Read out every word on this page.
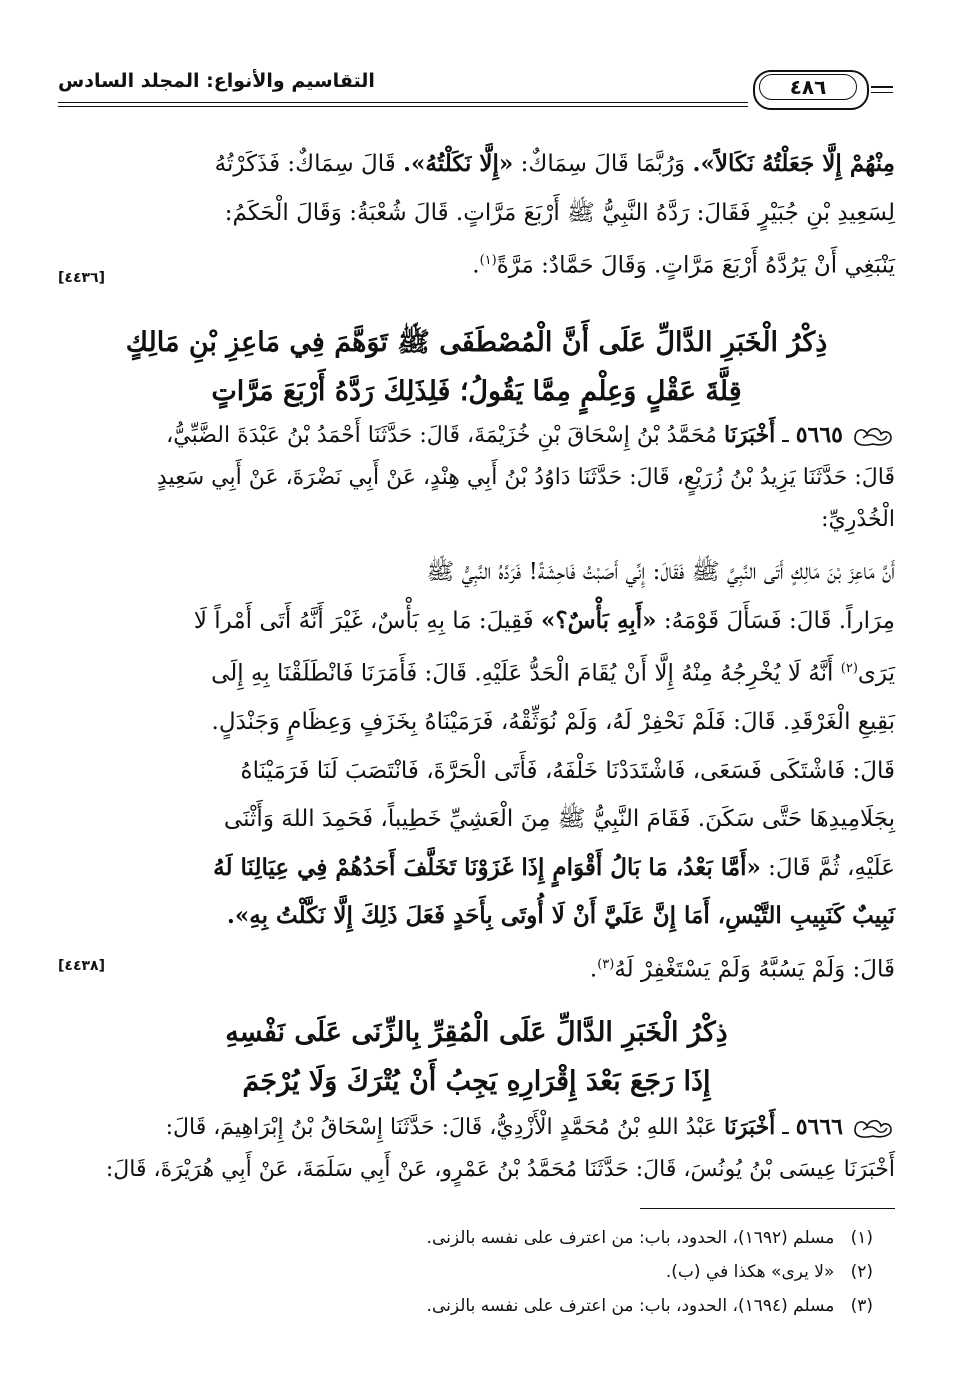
التقاسيم والأنواع: المجلد السادس	٤٨٦
مِنْهُمْ إِلَّا جَعَلْتُهُ نَكَالاً». وَرُبَّمَا قَالَ سِمَاكٌ: «إِلَّا نَكَلْتُهُ». قَالَ سِمَاكٌ: فَذَكَرْتُهُ
لِسَعِيدِ بْنِ جُبَيْرٍ فَقَالَ: رَدَّهُ النَّبِيُّ ﷺ أَرْبَعَ مَرَّاتٍ. قَالَ شُعْبَةُ: وَقَالَ الْحَكَمُ:
يَنْبَغِي أَنْ يَرُدَّهُ أَرْبَعَ مَرَّاتٍ. وَقَالَ حَمَّادٌ: مَرَّةً$^{(١)}$.
[٤٤٣٦]
ذِكْرُ الْخَبَرِ الدَّالِّ عَلَى أَنَّ الْمُصْطَفَى ﷺ تَوَهَّمَ فِي مَاعِزِ بْنِ مَالِكٍ
قِلَّةَ عَقْلٍ وَعِلْمٍ مِمَّا يَقُولُ؛ فَلِذَلِكَ رَدَّهُ أَرْبَعَ مَرَّاتٍ
٥٦٦٥ ـ أَخْبَرَنَا مُحَمَّدُ بْنُ إِسْحَاقَ بْنِ خُزَيْمَةَ، قَالَ: حَدَّثَنَا أَحْمَدُ بْنُ عَبْدَةَ الضَّبِّيُّ،
قَالَ: حَدَّثَنَا يَزِيدُ بْنُ زُرَيْعٍ، قَالَ: حَدَّثَنَا دَاوُدُ بْنُ أَبِي هِنْدٍ، عَنْ أَبِي نَضْرَةَ، عَنْ أَبِي سَعِيدٍ
الْخُدْرِيِّ:
أَنَّ مَاعِزَ بْنَ مَالِكٍ أَتَى النَّبِيَّ ﷺ فَقَالَ: إِنِّي أَصَبْتُ فَاحِشَةً! فَرَدَّهُ النَّبِيُّ ﷺ
مِرَاراً. قَالَ: فَسَأَلَ قَوْمَهُ: «أَبِهِ بَأْسٌ؟» فَقِيلَ: مَا بِهِ بَأْسٌ، غَيْرَ أَنَّهُ أَتَى أَمْراً لَا
يَرَى$^{(٢)}$ أَنَّهُ لَا يُخْرِجُهُ مِنْهُ إِلَّا أَنْ يُقَامَ الْحَدُّ عَلَيْهِ. قَالَ: فَأَمَرَنَا فَانْطَلَقْنَا بِهِ إِلَى
بَقِيعِ الْغَرْقَدِ. قَالَ: فَلَمْ نَحْفِرْ لَهُ، وَلَمْ نُوَثِّقْهُ، فَرَمَيْنَاهُ بِخَزَفٍ وَعِظَامٍ وَجَنْدَلٍ.
قَالَ: فَاشْتَكَى فَسَعَى، فَاشْتَدَدْنَا خَلْفَهُ، فَأَتَى الْحَرَّةَ، فَانْتَصَبَ لَنَا فَرَمَيْنَاهُ
بِجَلَامِيدِهَا حَتَّى سَكَنَ. فَقَامَ النَّبِيُّ ﷺ مِنَ الْعَشِيِّ خَطِيباً، فَحَمِدَ اللهَ وَأَثْنَى
عَلَيْهِ، ثُمَّ قَالَ: «أَمَّا بَعْدُ، مَا بَالُ أَقْوَامٍ إِذَا غَزَوْنَا تَخَلَّفَ أَحَدُهُمْ فِي عِيَالِنَا لَهُ
نَبِيبٌ كَنَبِيبِ التَّيْسِ، أَمَا إِنَّ عَلَيَّ أَنْ لَا أُوتَى بِأَحَدٍ فَعَلَ ذَلِكَ إِلَّا نَكَّلْتُ بِهِ».
قَالَ: وَلَمْ يَسُبَّهُ وَلَمْ يَسْتَغْفِرْ لَهُ$^{(٣)}$.
[٤٤٣٨]
ذِكْرُ الْخَبَرِ الدَّالِّ عَلَى الْمُقِرِّ بِالزِّنَى عَلَى نَفْسِهِ
إِذَا رَجَعَ بَعْدَ إِقْرَارِهِ يَجِبُ أَنْ يُتْرَكَ وَلَا يُرْجَمَ
٥٦٦٦ ـ أَخْبَرَنَا عَبْدُ اللهِ بْنُ مُحَمَّدٍ الْأَزْدِيُّ، قَالَ: حَدَّثَنَا إِسْحَاقُ بْنُ إِبْرَاهِيمَ، قَالَ:
أَخْبَرَنَا عِيسَى بْنُ يُونُسَ، قَالَ: حَدَّثَنَا مُحَمَّدُ بْنُ عَمْرٍو، عَنْ أَبِي سَلَمَةَ، عَنْ أَبِي هُرَيْرَةَ، قَالَ:
(١)   مسلم (١٦٩٢)، الحدود، باب: من اعترف على نفسه بالزنى.
(٢)   «لا يرى» هكذا في (ب).
(٣)   مسلم (١٦٩٤)، الحدود، باب: من اعترف على نفسه بالزنى.
